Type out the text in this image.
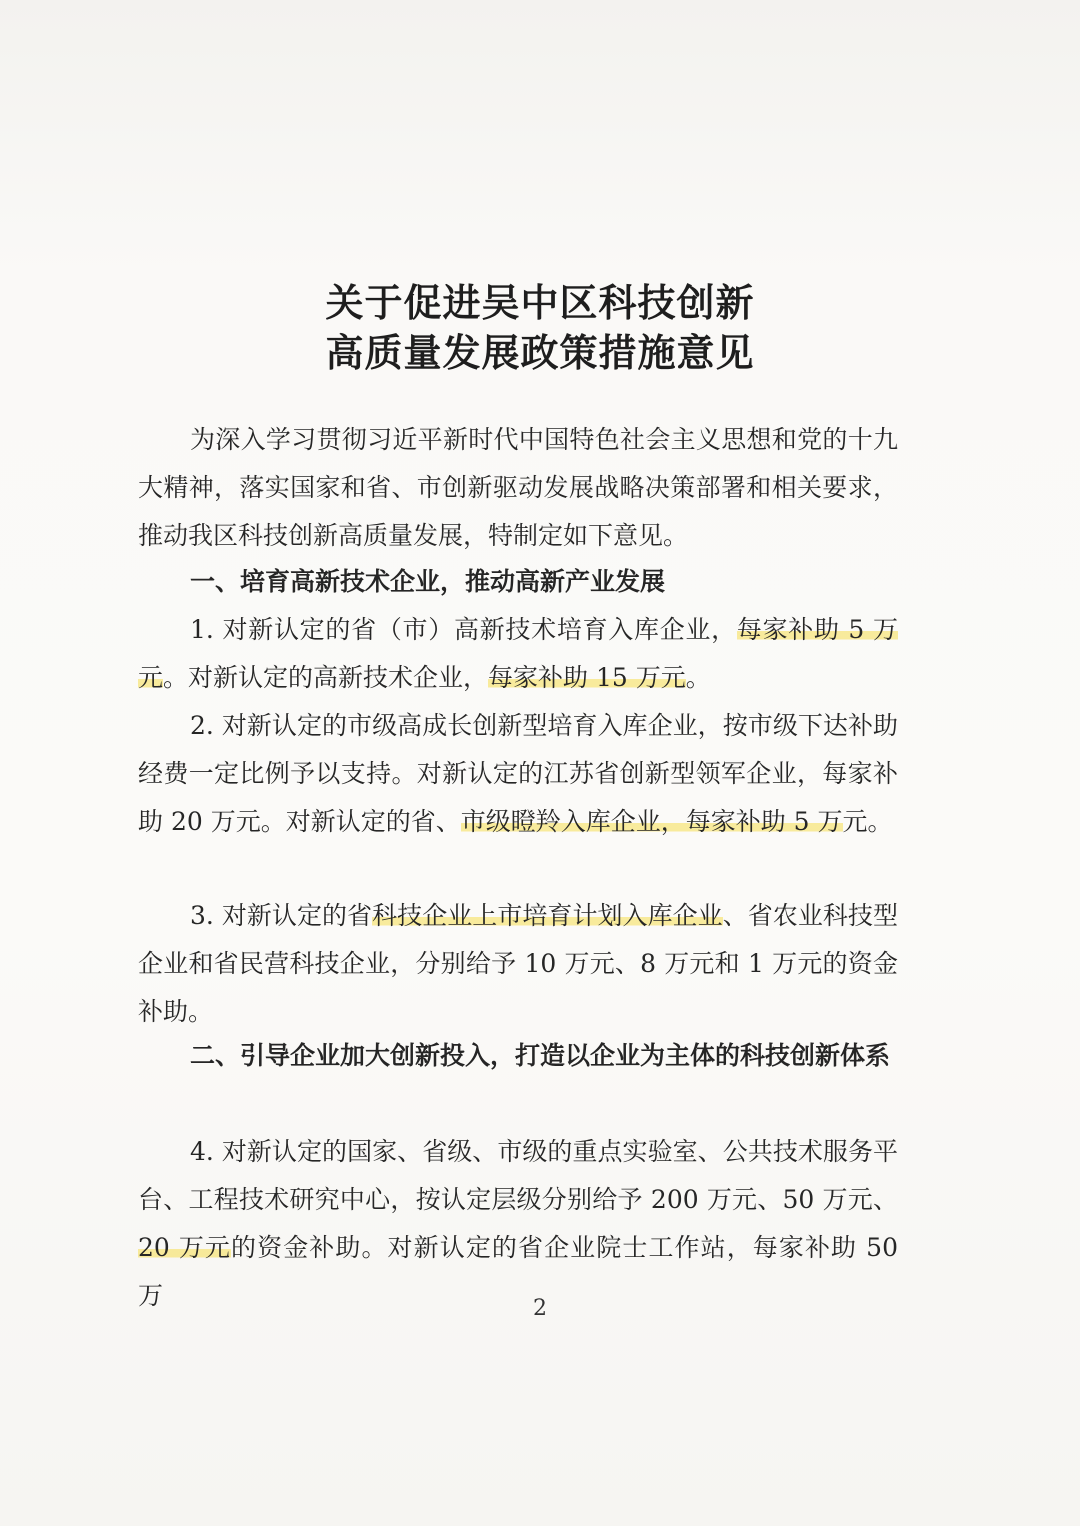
关于促进吴中区科技创新
高质量发展政策措施意见

为深入学习贯彻习近平新时代中国特色社会主义思想和党的十九大精神，落实国家和省、市创新驱动发展战略决策部署和相关要求，推动我区科技创新高质量发展，特制定如下意见。

一、培育高新技术企业，推动高新产业发展

1. 对新认定的省（市）高新技术培育入库企业，每家补助 5 万元。对新认定的高新技术企业，每家补助 15 万元。

2. 对新认定的市级高成长创新型培育入库企业，按市级下达补助经费一定比例予以支持。对新认定的江苏省创新型领军企业，每家补助 20 万元。对新认定的省、市级瞪羚入库企业，每家补助 5 万元。

3. 对新认定的省科技企业上市培育计划入库企业、省农业科技型企业和省民营科技企业，分别给予 10 万元、8 万元和 1 万元的资金补助。

二、引导企业加大创新投入，打造以企业为主体的科技创新体系

4. 对新认定的国家、省级、市级的重点实验室、公共技术服务平台、工程技术研究中心，按认定层级分别给予 200 万元、50 万元、20 万元的资金补助。对新认定的省企业院士工作站，每家补助 50 万	2
